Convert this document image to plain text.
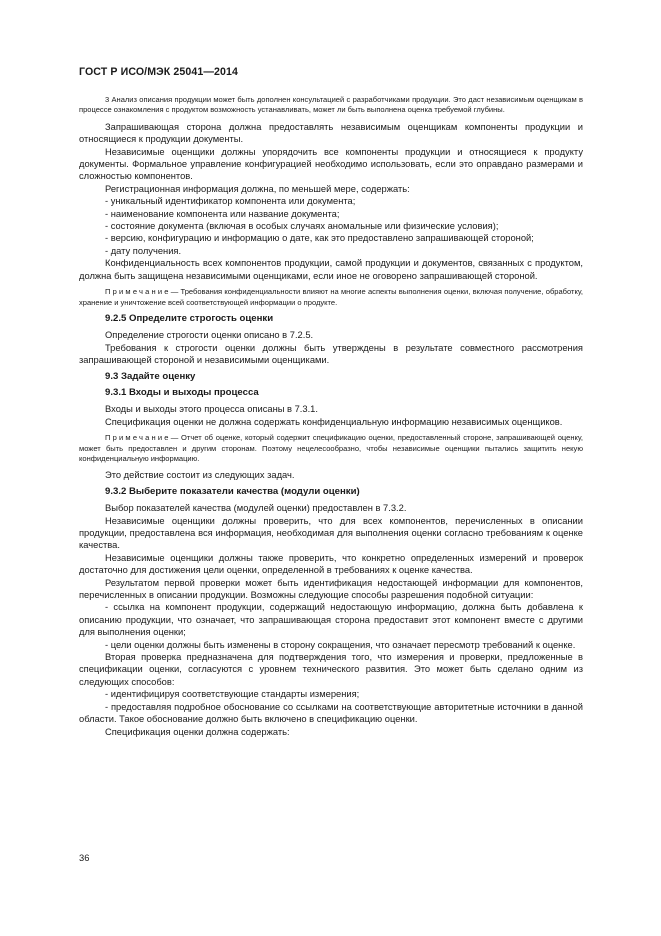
ГОСТ Р ИСО/МЭК 25041—2014
3 Анализ описания продукции может быть дополнен консультацией с разработчиками продукции. Это даст независимым оценщикам в процессе ознакомления с продуктом возможность устанавливать, может ли быть выполнена оценка требуемой глубины.
Запрашивающая сторона должна предоставлять независимым оценщикам компоненты продукции и относящиеся к продукции документы.
Независимые оценщики должны упорядочить все компоненты продукции и относящиеся к продукту документы. Формальное управление конфигурацией необходимо использовать, если это оправдано размерами и сложностью компонентов.
Регистрационная информация должна, по меньшей мере, содержать:
- уникальный идентификатор компонента или документа;
- наименование компонента или название документа;
- состояние документа (включая в особых случаях аномальные или физические условия);
- версию, конфигурацию и информацию о дате, как это предоставлено запрашивающей стороной;
- дату получения.
Конфиденциальность всех компонентов продукции, самой продукции и документов, связанных с продуктом, должна быть защищена независимыми оценщиками, если иное не оговорено запрашивающей стороной.
Примечание— Требования конфиденциальности влияют на многие аспекты выполнения оценки, включая получение, обработку, хранение и уничтожение всей соответствующей информации о продукте.
9.2.5 Определите строгость оценки
Определение строгости оценки описано в 7.2.5.
Требования к строгости оценки должны быть утверждены в результате совместного рассмотрения запрашивающей стороной и независимыми оценщиками.
9.3 Задайте оценку
9.3.1 Входы и выходы процесса
Входы и выходы этого процесса описаны в 7.3.1.
Спецификация оценки не должна содержать конфиденциальную информацию независимых оценщиков.
Примечание— Отчет об оценке, который содержит спецификацию оценки, предоставленный стороне, запрашивающей оценку, может быть предоставлен и другим сторонам. Поэтому нецелесообразно, чтобы независимые оценщики пытались защитить некую конфиденциальную информацию.
Это действие состоит из следующих задач.
9.3.2 Выберите показатели качества (модули оценки)
Выбор показателей качества (модулей оценки) предоставлен в 7.3.2.
Независимые оценщики должны проверить, что для всех компонентов, перечисленных в описании продукции, предоставлена вся информация, необходимая для выполнения оценки согласно требованиям к оценке качества.
Независимые оценщики должны также проверить, что конкретно определенных измерений и проверок достаточно для достижения цели оценки, определенной в требованиях к оценке качества.
Результатом первой проверки может быть идентификация недостающей информации для компонентов, перечисленных в описании продукции. Возможны следующие способы разрешения подобной ситуации:
- ссылка на компонент продукции, содержащий недостающую информацию, должна быть добавлена к описанию продукции, что означает, что запрашивающая сторона предоставит этот компонент вместе с другими для выполнения оценки;
- цели оценки должны быть изменены в сторону сокращения, что означает пересмотр требований к оценке.
Вторая проверка предназначена для подтверждения того, что измерения и проверки, предложенные в спецификации оценки, согласуются с уровнем технического развития. Это может быть сделано одним из следующих способов:
- идентифицируя соответствующие стандарты измерения;
- предоставляя подробное обоснование со ссылками на соответствующие авторитетные источники в данной области. Такое обоснование должно быть включено в спецификацию оценки.
Спецификация оценки должна содержать:
36
